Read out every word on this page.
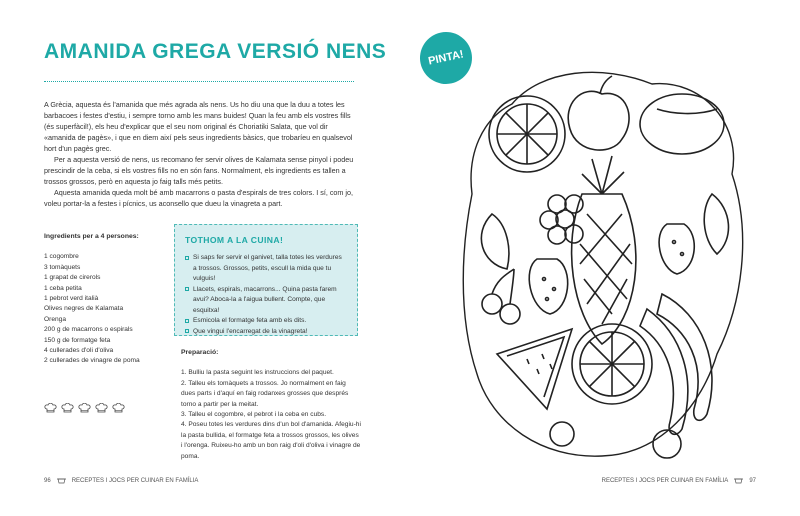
AMANIDA GREGA VERSIÓ NENS

A Grècia, aquesta és l'amanida que més agrada als nens. Us ho diu una que la duu a totes les barbacoes i festes d'estiu, i sempre torno amb les mans buides! Quan la feu amb els vostres fills (és superfàcil!), els heu d'explicar que el seu nom original és Choriatiki Salata, que vol dir «amanida de pagès», i que en diem així pels seus ingredients bàsics, que trobaríeu en qualsevol hort d'un pagès grec.

Per a aquesta versió de nens, us recomano fer servir olives de Kalamata sense pinyol i podeu prescindir de la ceba, si els vostres fills no en són fans. Normalment, els ingredients es tallen a trossos grossos, però en aquesta jo faig talls més petits.

Aquesta amanida queda molt bé amb macarrons o pasta d'espirals de tres colors. I sí, com jo, voleu portar-la a festes i pícnics, us aconsello que dueu la vinagreta a part.

Ingredients per a 4 persones:
1 cogombre
3 tomàquets
1 grapat de cirerols
1 ceba petita
1 pebrot verd italià
Olives negres de Kalamata
Orenga
200 g de macarrons o espirals
150 g de formatge feta
4 cullerades d'oli d'oliva
2 cullerades de vinagre de poma
TOTHOM A LA CUINA!
Si saps fer servir el ganivet, talla totes les verdures a trossos. Grossos, petits, escull la mida que tu vulguis!
Llacets, espirals, macarrons... Quina pasta farem avui? Aboca-la a l'aigua bullent. Compte, que esquitxa!
Esmicola el formatge feta amb els dits.
Que vingui l'encarregat de la vinagreta!
Preparació:
1. Bulliu la pasta seguint les instruccions del paquet.
2. Talleu els tomàquets a trossos. Jo normalment en faig dues parts i d'aquí en faig rodanxes grosses que després torno a partir per la meitat.
3. Talleu el cogombre, el pebrot i la ceba en cubs.
4. Poseu totes les verdures dins d'un bol d'amanida. Afegiu-hi la pasta bullida, el formatge feta a trossos grossos, les olives i l'orenga. Ruixeu-ho amb un bon raig d'oli d'oliva i vinagre de poma.
96	RECEPTES I JOCS PER CUINAR EN FAMÍLIA
PINTA!
RECEPTES I JOCS PER CUINAR EN FAMÍLIA	97
